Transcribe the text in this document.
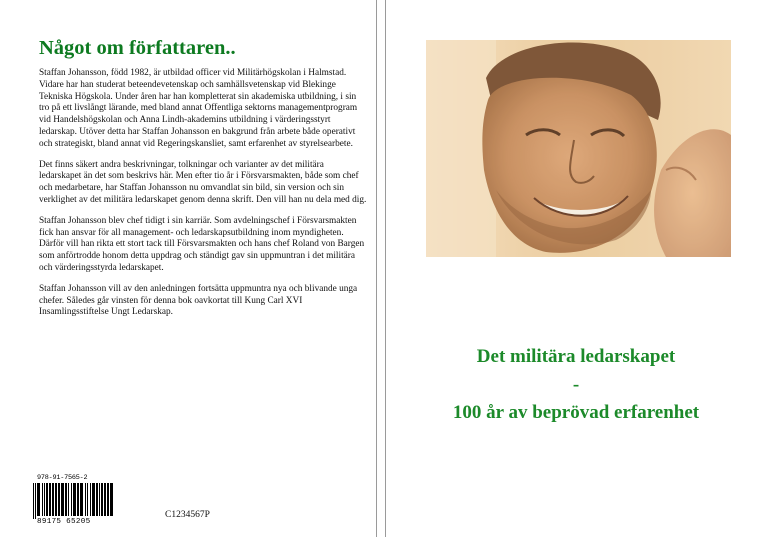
Något om författaren..

Staffan Johansson, född 1982, är utbildad officer vid Militärhögskolan i Halmstad. Vidare har han studerat beteendevetenskap och samhällsvetenskap vid Blekinge Tekniska Högskola. Under åren har han kompletterat sin akademiska utbildning, i sin tro på ett livslångt lärande, med bland annat Offentliga sektorns managementprogram vid Handelshögskolan och Anna Lindh-akademins utbildning i värderingsstyrt ledarskap. Utöver detta har Staffan Johansson en bakgrund från arbete både operativt och strategiskt, bland annat vid Regeringskansliet, samt erfarenhet av styrelsearbete.

Det finns säkert andra beskrivningar, tolkningar och varianter av det militära ledarskapet än det som beskrivs här. Men efter tio år i Försvarsmakten, både som chef och medarbetare, har Staffan Johansson nu omvandlat sin bild, sin version och sin verklighet av det militära ledarskapet genom denna skrift. Den vill han nu dela med dig.

Staffan Johansson blev chef tidigt i sin karriär. Som avdelningschef i Försvarsmakten fick han ansvar för all management- och ledarskapsutbildning inom myndigheten. Därför vill han rikta ett stort tack till Försvarsmakten och hans chef Roland von Bargen som anförtrodde honom detta uppdrag och ständigt gav sin uppmuntran i det militära och värderingsstyrda ledarskapet.

Staffan Johansson vill av den anledningen fortsätta uppmuntra nya och blivande unga chefer. Således går vinsten för denna bok oavkortat till Kung Carl XVI Insamlingsstiftelse Ungt Ledarskap.

978-91-7565-2
89175 65205
C1234567P
Det militära ledarskapet
-
100 år av beprövad erfarenhet
